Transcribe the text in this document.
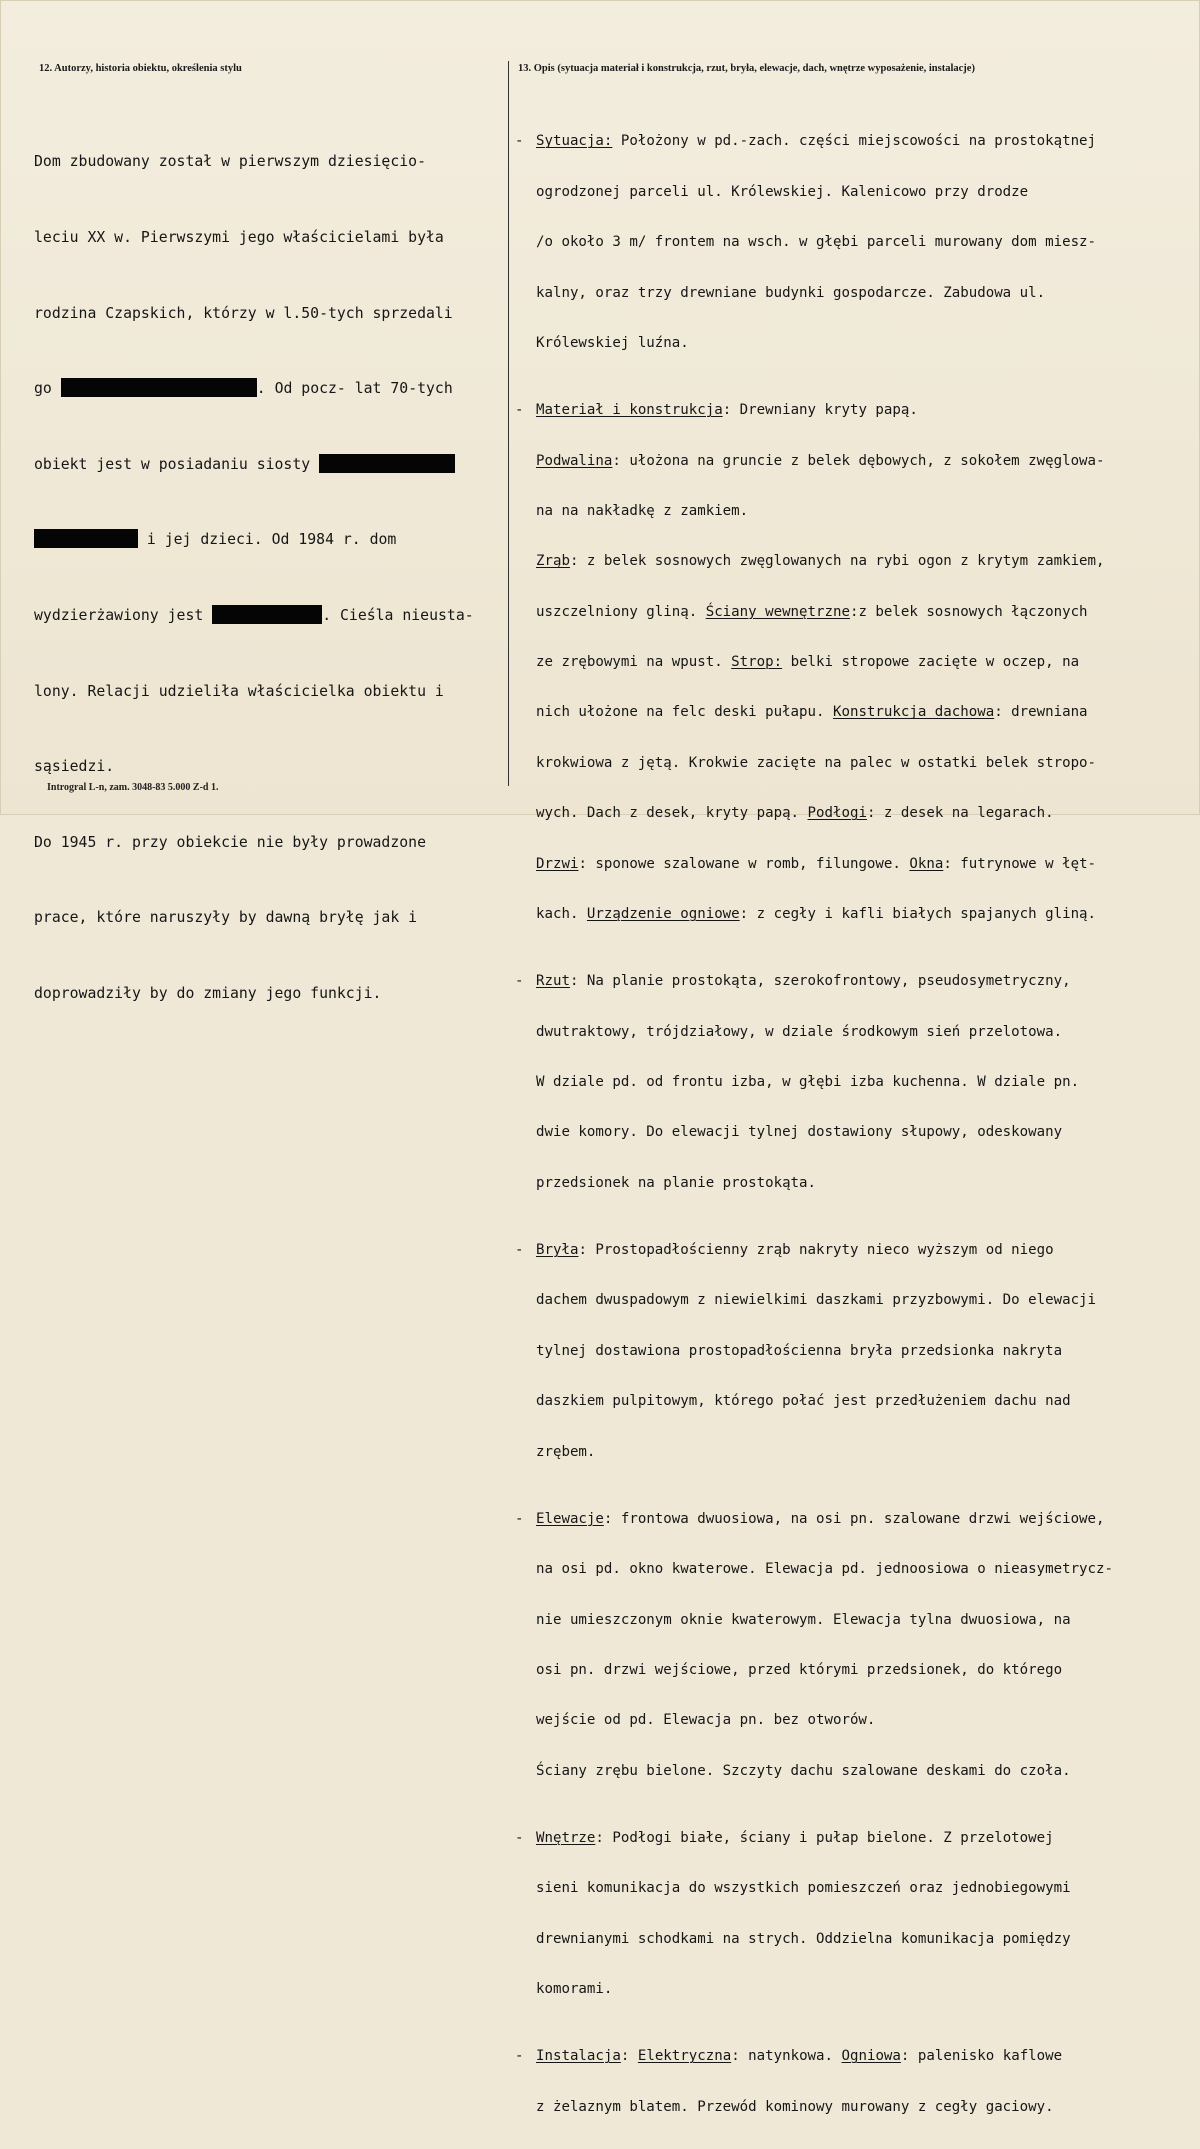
12. Autorzy, historia obiektu, określenia stylu	13. Opis (sytuacja materiał i konstrukcja, rzut, bryła, elewacje, dach, wnętrze wyposażenie, instalacje)

Dom zbudowany został w pierwszym dziesięcio-

leciu XX w. Pierwszymi jego właścicielami była

rodzina Czapskich, którzy w l.50-tych sprzedali

go	. Od pocz- lat 70-tych

obiekt jest w posiadaniu siosty

i jej dzieci. Od 1984 r. dom

wydzierżawiony jest	. Cieśla nieusta-

lony. Relacji udzieliła właścicielka obiektu i

sąsiedzi.

Do 1945 r. przy obiekcie nie były prowadzone

prace, które naruszyły by dawną bryłę jak i

doprowadziły by do zmiany jego funkcji.

- Sytuacja: Położony w pd.-zach. części miejscowości na prostokątnej

ogrodzonej parceli ul. Królewskiej. Kalenicowo przy drodze

/o około 3 m/ frontem na wsch. w głębi parceli murowany dom miesz-

kalny, oraz trzy drewniane budynki gospodarcze. Zabudowa ul.

Królewskiej luźna.

- Materiał i konstrukcja: Drewniany kryty papą.

Podwalina: ułożona na gruncie z belek dębowych, z sokołem zwęglowa-

na na nakładkę z zamkiem.

Zrąb: z belek sosnowych zwęglowanych na rybi ogon z krytym zamkiem,

uszczelniony gliną. Ściany wewnętrzne:z belek sosnowych łączonych

ze zrębowymi na wpust. Strop: belki stropowe zacięte w oczep, na

nich ułożone na felc deski pułapu. Konstrukcja dachowa: drewniana

krokwiowa z jętą. Krokwie zacięte na palec w ostatki belek stropo-

wych. Dach z desek, kryty papą. Podłogi: z desek na legarach.

Drzwi: sponowe szalowane w romb, filungowe. Okna: futrynowe w łęt-

kach. Urządzenie ogniowe: z cegły i kafli białych spajanych gliną.

- Rzut: Na planie prostokąta, szerokofrontowy, pseudosymetryczny,

dwutraktowy, trójdziałowy, w dziale środkowym sień przelotowa.

W dziale pd. od frontu izba, w głębi izba kuchenna. W dziale pn.

dwie komory. Do elewacji tylnej dostawiony słupowy, odeskowany

przedsionek na planie prostokąta.

- Bryła: Prostopadłościenny zrąb nakryty nieco wyższym od niego

dachem dwuspadowym z niewielkimi daszkami przyzbowymi. Do elewacji

tylnej dostawiona prostopadłościenna bryła przedsionka nakryta

daszkiem pulpitowym, którego połać jest przedłużeniem dachu nad

zrębem.

- Elewacje: frontowa dwuosiowa, na osi pn. szalowane drzwi wejściowe,

na osi pd. okno kwaterowe. Elewacja pd. jednoosiowa o nieasymetrycz-

nie umieszczonym oknie kwaterowym. Elewacja tylna dwuosiowa, na

osi pn. drzwi wejściowe, przed którymi przedsionek, do którego

wejście od pd. Elewacja pn. bez otworów.

Ściany zrębu bielone. Szczyty dachu szalowane deskami do czoła.

- Wnętrze: Podłogi białe, ściany i pułap bielone. Z przelotowej

sieni komunikacja do wszystkich pomieszczeń oraz jednobiegowymi

drewnianymi schodkami na strych. Oddzielna komunikacja pomiędzy

komorami.

- Instalacja: Elektryczna: natynkowa. Ogniowa: palenisko kaflowe

z żelaznym blatem. Przewód kominowy murowany z cegły gaciowy.

Introgral L-n, zam. 3048-83 5.000 Z-d 1.
